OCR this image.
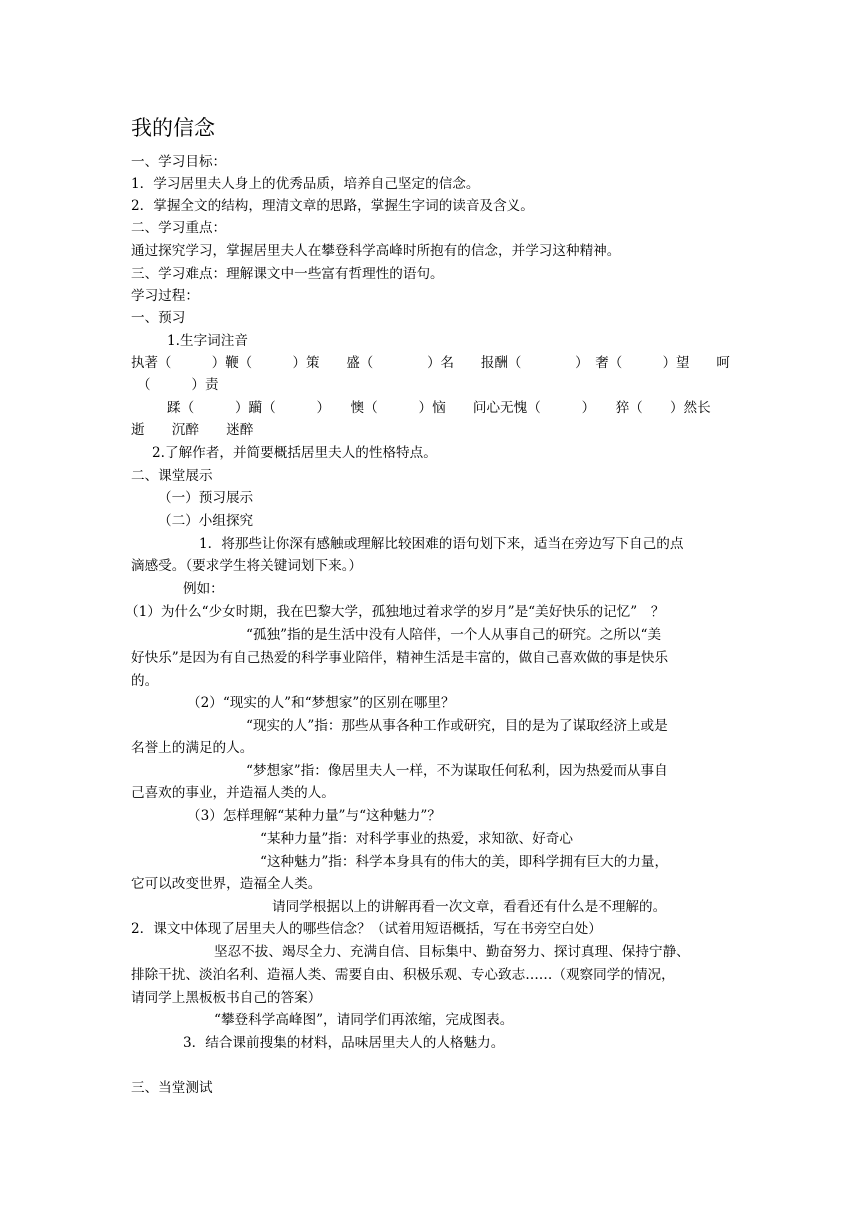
我的信念
一、学习目标：
1．学习居里夫人身上的优秀品质，培养自己坚定的信念。
2．掌握全文的结构，理清文章的思路，掌握生字词的读音及含义。
二、学习重点：
通过探究学习，掌握居里夫人在攀登科学高峰时所抱有的信念，并学习这种精神。
三、学习难点：理解课文中一些富有哲理性的语句。
学习过程：
一、预习
1.生字词注音
执著（　　　）鞭（　　　）策　　盛（　　　　）名　　报酬（　　　　）　奢（　　　）望　　呵
（　　　）责
蹂（　　　）躏（　　　）　　懊（　　　）恼　　问心无愧（　　　）　　猝（　　）然长
逝　　沉醉　　迷醉
2.了解作者，并简要概括居里夫人的性格特点。
二、课堂展示
（一）预习展示
（二）小组探究
1．将那些让你深有感触或理解比较困难的语句划下来，适当在旁边写下自己的点
滴感受。（要求学生将关键词划下来。）
例如：
（1）为什么“少女时期，我在巴黎大学，孤独地过着求学的岁月”是“美好快乐的记忆”　？
“孤独”指的是生活中没有人陪伴，一个人从事自己的研究。之所以“美
好快乐”是因为有自己热爱的科学事业陪伴，精神生活是丰富的，做自己喜欢做的事是快乐
的。
（2）“现实的人”和“梦想家”的区别在哪里？
“现实的人”指：那些从事各种工作或研究，目的是为了谋取经济上或是
名誉上的满足的人。
“梦想家”指：像居里夫人一样，不为谋取任何私利，因为热爱而从事自
己喜欢的事业，并造福人类的人。
（3）怎样理解“某种力量”与“这种魅力”？
“某种力量”指：对科学事业的热爱，求知欲、好奇心
“这种魅力”指：科学本身具有的伟大的美，即科学拥有巨大的力量，
它可以改变世界，造福全人类。
请同学根据以上的讲解再看一次文章，看看还有什么是不理解的。
2．课文中体现了居里夫人的哪些信念？（试着用短语概括，写在书旁空白处）
坚忍不拔、竭尽全力、充满自信、目标集中、勤奋努力、探讨真理、保持宁静、
排除干扰、淡泊名利、造福人类、需要自由、积极乐观、专心致志……（观察同学的情况，
请同学上黑板板书自己的答案）
“攀登科学高峰图”，请同学们再浓缩，完成图表。
3．结合课前搜集的材料，品味居里夫人的人格魅力。
三、当堂测试
